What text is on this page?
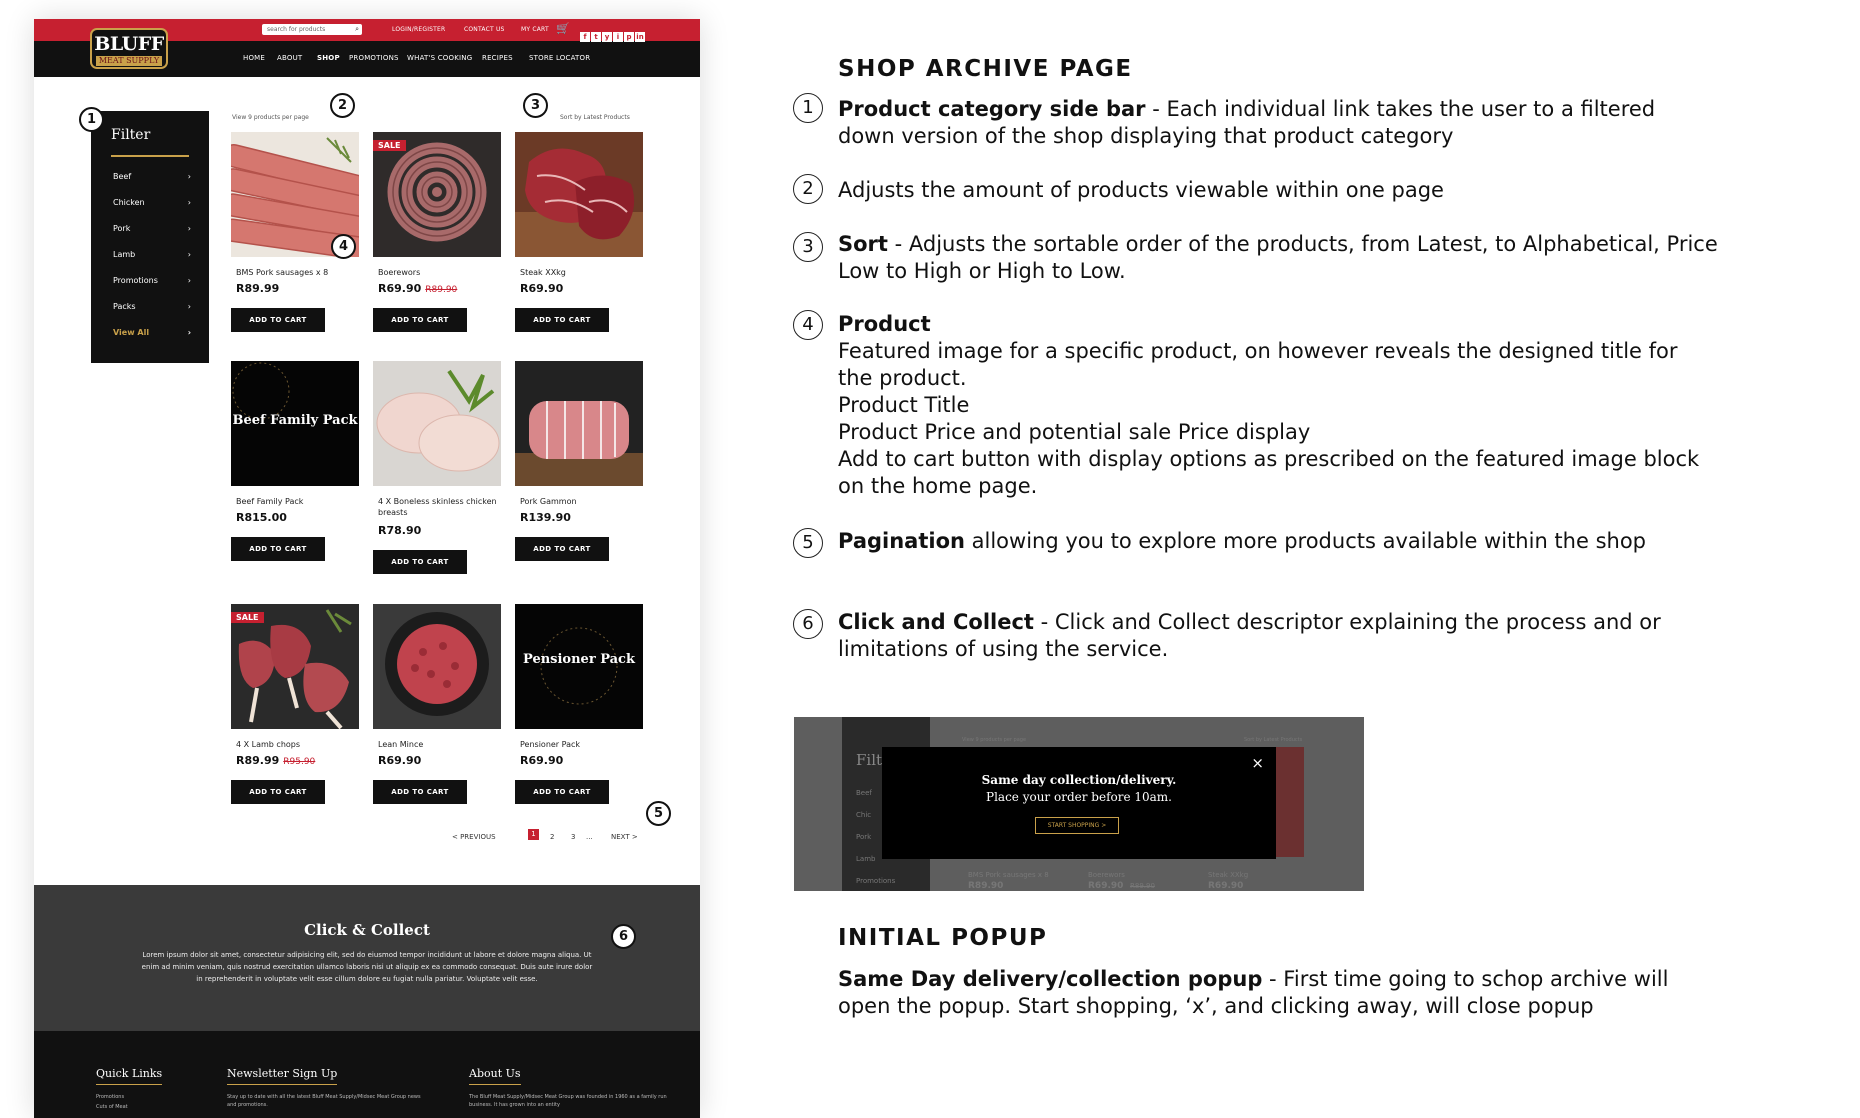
BLUFF
MEAT SUPPLY
search for products	⌕	LOGIN/REGISTER	CONTACT US	MY CART 🛒
f t y i p in
HOME ABOUT SHOP PROMOTIONS WHAT'S COOKING RECIPES STORE LOCATOR
Filter
Beef	›
Chicken	›
Pork	›
Lamb	›
Promotions	›
Packs	›
View All	›
View 9 products per page	Sort by Latest Products
BMS Pork sausages x 8
R89.99
ADD TO CART
SALE
Boerewors
R69.90 R89.90
ADD TO CART
Steak XXkg
R69.90
ADD TO CART
Beef Family Pack
Beef Family Pack
R815.00
ADD TO CART
4 X Boneless skinless chicken breasts
R78.90
ADD TO CART
Pork Gammon
R139.90
ADD TO CART
SALE
4 X Lamb chops
R89.99 R95.90
ADD TO CART
Lean Mince
R69.90
ADD TO CART
Pensioner Pack
Pensioner Pack
R69.90
ADD TO CART
< PREVIOUS	1	2 3 ...	NEXT >
Click & Collect

Lorem ipsum dolor sit amet, consectetur adipisicing elit, sed do eiusmod tempor incididunt ut labore et dolore magna aliqua. Ut enim ad minim veniam, quis nostrud exercitation ullamco laboris nisi ut aliquip ex ea commodo consequat. Duis aute irure dolor in reprehenderit in voluptate velit esse cillum dolore eu fugiat nulla pariatur. Voluptate velit esse.

Quick Links
Promotions
Cuts of Meat
Newsletter Sign Up
Stay up to date with all the latest Bluff Meat Supply/Midsec Meat Group news and promotions.
About Us
The Bluff Meat Supply/Midsec Meat Group was founded in 1960 as a family run business. It has grown into an entity
1
2	3
4
5
6
SHOP ARCHIVE PAGE
1	Product category side bar - Each individual link takes the user to a filtered down version of the shop displaying that product category

2	Adjusts the amount of products viewable within one page

3	Sort - Adjusts the sortable order of the products, from Latest, to Alphabetical, Price Low to High or High to Low.

4	Product
Featured image for a specific product, on however reveals the designed title for the product.
Product Title
Product Price and potential sale Price display
Add to cart button with display options as prescribed on the featured image block on the home page.
5	Pagination allowing you to explore more products available within the shop

6	Click and Collect - Click and Collect descriptor explaining the process and or limitations of using the service.

Filt
Beef
Chic
Pork
Lamb
Promotions
View 9 products per page	Sort by Latest Products
BMS Pork sausages x 8	Boerewors	Steak XXkg
R89.90	R69.90 R89.90	R69.90
×
Same day collection/delivery.
Place your order before 10am.
START SHOPPING >
INITIAL POPUP

Same Day delivery/collection popup - First time going to schop archive will open the popup. Start shopping, ‘x’, and clicking away, will close popup
